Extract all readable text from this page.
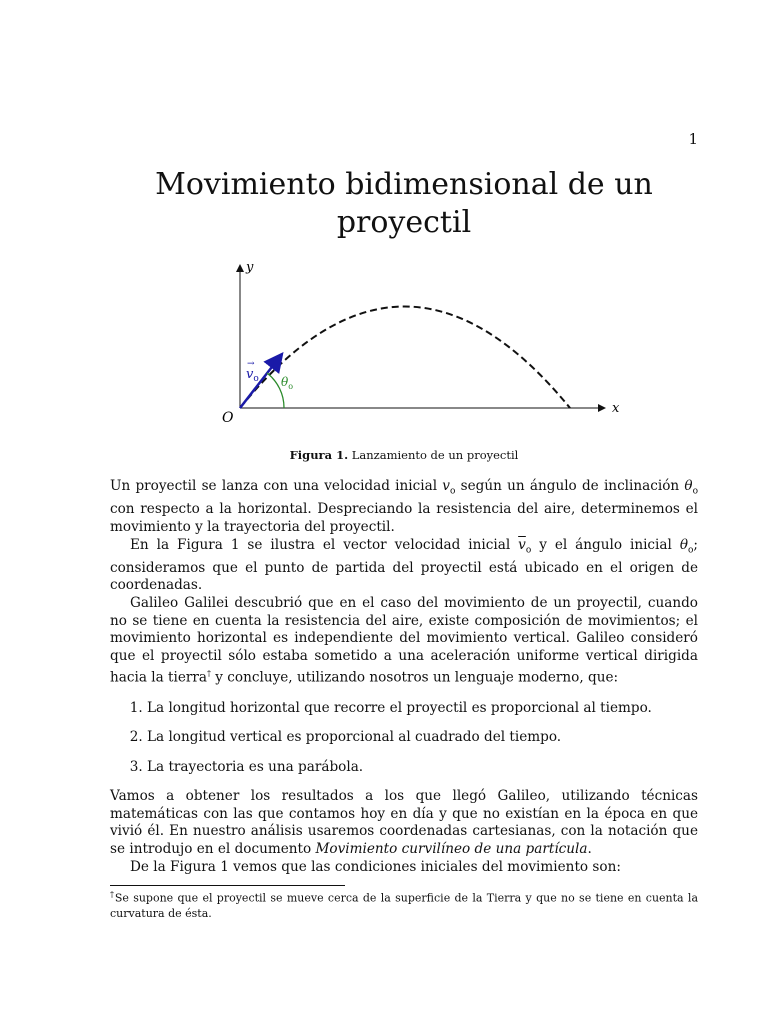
1
Movimiento bidimensional de un proyectil
y
x
O
$v_o$
→
$\theta_o$
Figura 1. Lanzamiento de un proyectil

Un proyectil se lanza con una velocidad inicial $v_o$ según un ángulo de inclinación $\theta_o$ con respecto a la horizontal. Despreciando la resistencia del aire, determinemos el movimiento y la trayectoria del proyectil.

En la Figura 1 se ilustra el vector velocidad inicial $\overline{v}_o$ y el ángulo inicial $\theta_o$; consideramos que el punto de partida del proyectil está ubicado en el origen de coordenadas.

Galileo Galilei descubrió que en el caso del movimiento de un proyectil, cuando no se tiene en cuenta la resistencia del aire, existe composición de movimientos; el movimiento horizontal es independiente del movimiento vertical. Galileo consideró que el proyectil sólo estaba sometido a una aceleración uniforme vertical dirigida hacia la tierra† y concluye, utilizando nosotros un lenguaje moderno, que:

1. La longitud horizontal que recorre el proyectil es proporcional al tiempo.
2. La longitud vertical es proporcional al cuadrado del tiempo.
3. La trayectoria es una parábola.

Vamos a obtener los resultados a los que llegó Galileo, utilizando técnicas matemáticas con las que contamos hoy en día y que no existían en la época en que vivió él. En nuestro análisis usaremos coordenadas cartesianas, con la notación que se introdujo en el documento Movimiento curvilíneo de una partícula.

De la Figura 1 vemos que las condiciones iniciales del movimiento son:

†Se supone que el proyectil se mueve cerca de la superficie de la Tierra y que no se tiene en cuenta la curvatura de ésta.
